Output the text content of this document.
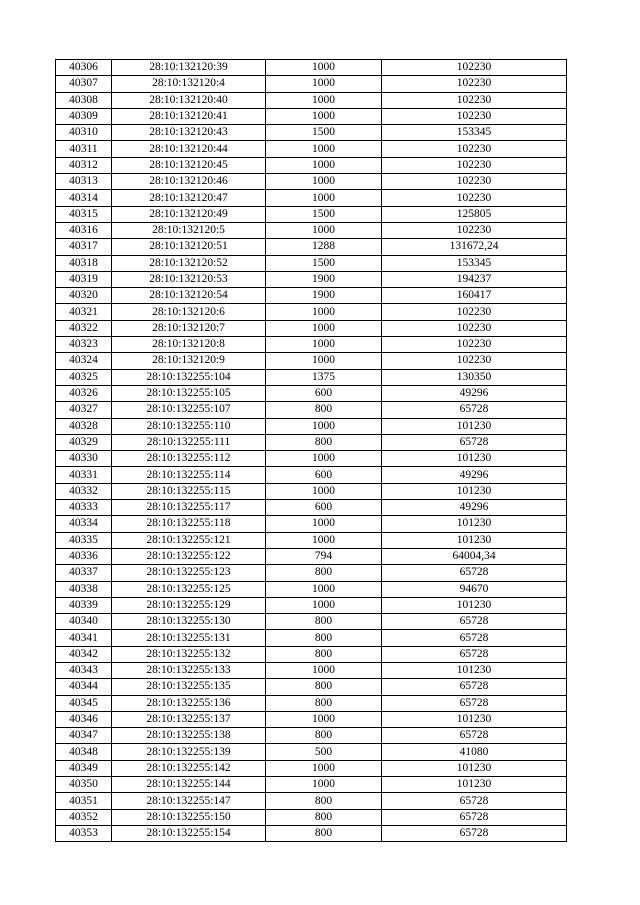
40306	28:10:132120:39	1000	102230
40307	28:10:132120:4	1000	102230
40308	28:10:132120:40	1000	102230
40309	28:10:132120:41	1000	102230
40310	28:10:132120:43	1500	153345
40311	28:10:132120:44	1000	102230
40312	28:10:132120:45	1000	102230
40313	28:10:132120:46	1000	102230
40314	28:10:132120:47	1000	102230
40315	28:10:132120:49	1500	125805
40316	28:10:132120:5	1000	102230
40317	28:10:132120:51	1288	131672,24
40318	28:10:132120:52	1500	153345
40319	28:10:132120:53	1900	194237
40320	28:10:132120:54	1900	160417
40321	28:10:132120:6	1000	102230
40322	28:10:132120:7	1000	102230
40323	28:10:132120:8	1000	102230
40324	28:10:132120:9	1000	102230
40325	28:10:132255:104	1375	130350
40326	28:10:132255:105	600	49296
40327	28:10:132255:107	800	65728
40328	28:10:132255:110	1000	101230
40329	28:10:132255:111	800	65728
40330	28:10:132255:112	1000	101230
40331	28:10:132255:114	600	49296
40332	28:10:132255:115	1000	101230
40333	28:10:132255:117	600	49296
40334	28:10:132255:118	1000	101230
40335	28:10:132255:121	1000	101230
40336	28:10:132255:122	794	64004,34
40337	28:10:132255:123	800	65728
40338	28:10:132255:125	1000	94670
40339	28:10:132255:129	1000	101230
40340	28:10:132255:130	800	65728
40341	28:10:132255:131	800	65728
40342	28:10:132255:132	800	65728
40343	28:10:132255:133	1000	101230
40344	28:10:132255:135	800	65728
40345	28:10:132255:136	800	65728
40346	28:10:132255:137	1000	101230
40347	28:10:132255:138	800	65728
40348	28:10:132255:139	500	41080
40349	28:10:132255:142	1000	101230
40350	28:10:132255:144	1000	101230
40351	28:10:132255:147	800	65728
40352	28:10:132255:150	800	65728
40353	28:10:132255:154	800	65728
